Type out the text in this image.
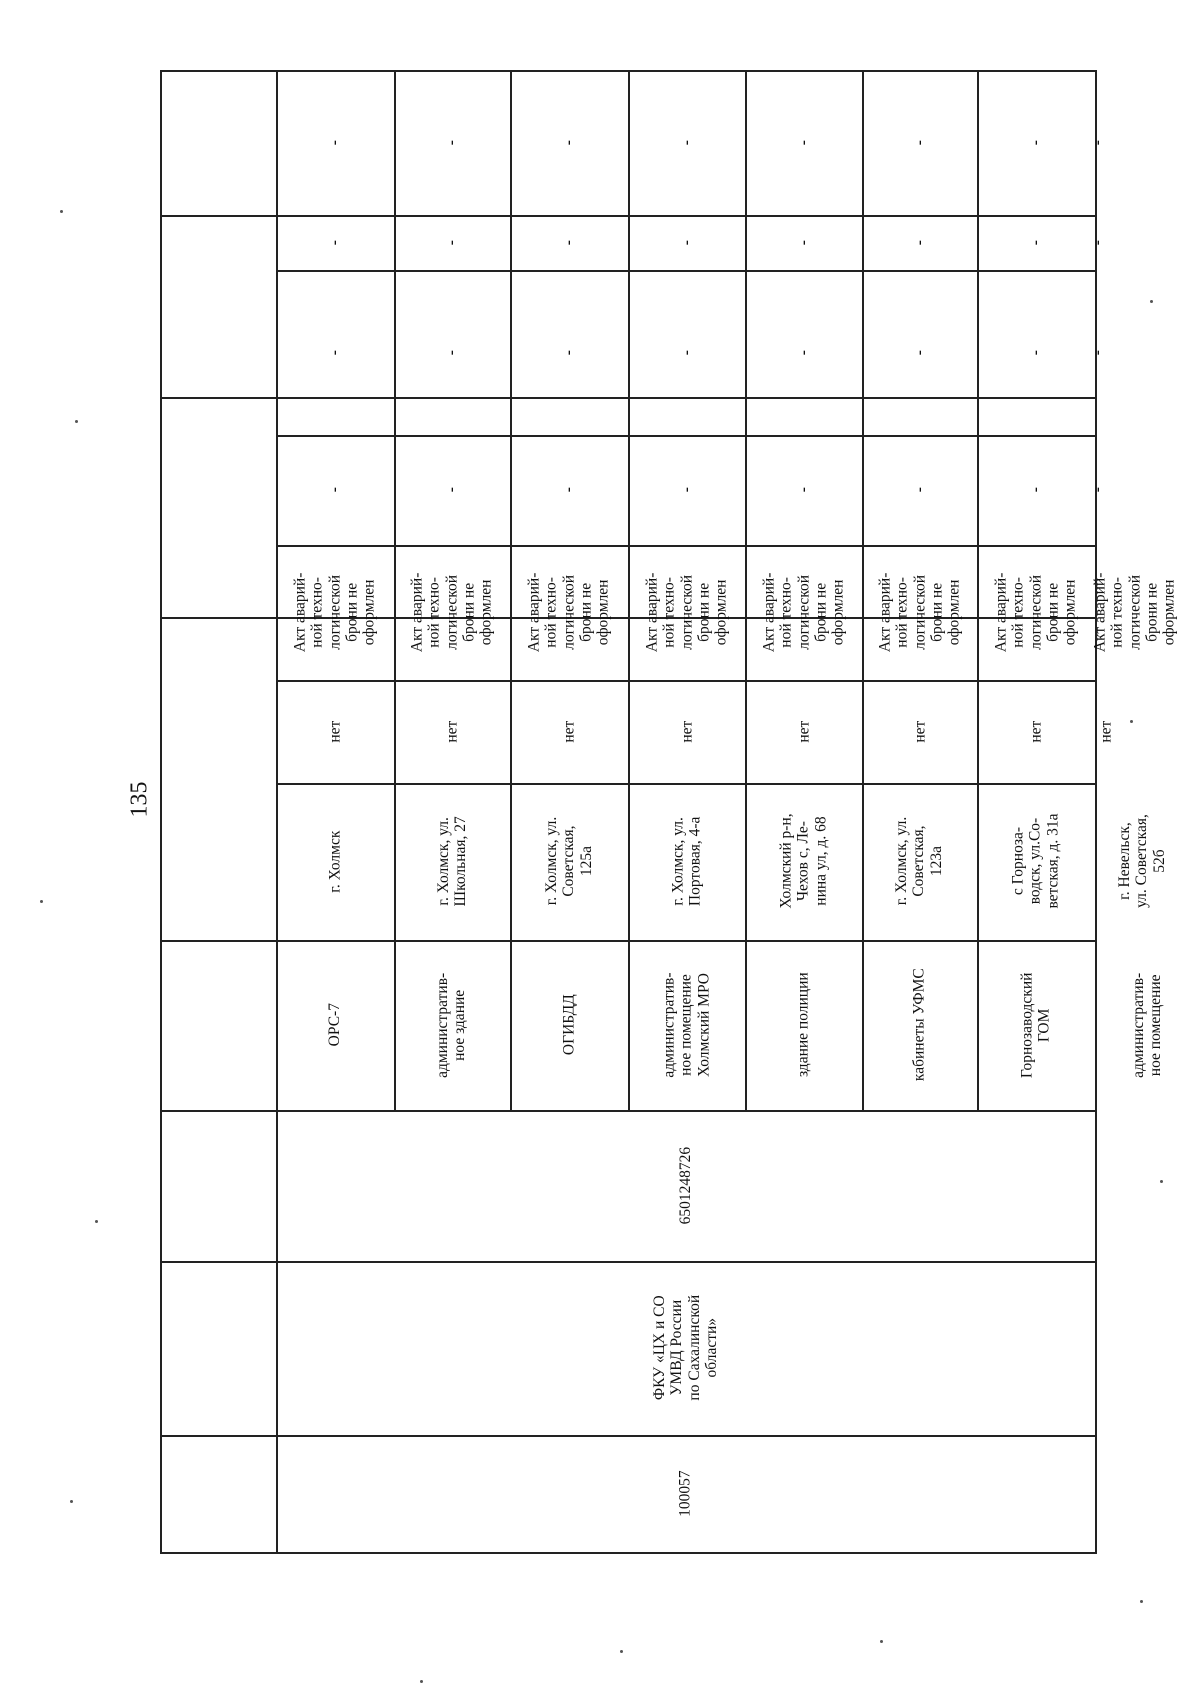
135
100057
ФКУ «ЦХ и СО
УМВД России
по Сахалинской
области»
6501248726
ОРС-7
г. Холмск
нет
Акт аварий-
ной техно-
логической
брони не
оформлен
-
-
-
-
административ-
ное здание
г. Холмск, ул.
Школьная, 27
нет
Акт аварий-
ной техно-
логической
брони не
оформлен
-
-
-
-
ОГИБДД
г. Холмск, ул.
Советская,
125а
нет
Акт аварий-
ной техно-
логической
брони не
оформлен
-
-
-
-
административ-
ное помещение
Холмский МРО
г. Холмск, ул.
Портовая, 4-а
нет
Акт аварий-
ной техно-
логической
брони не
оформлен
-
-
-
-
здание полиции
Холмский р-н,
Чехов с, Ле-
нина ул, д. 68
нет
Акт аварий-
ной техно-
логической
брони не
оформлен
-
-
-
-
кабинеты УФМС
г. Холмск, ул.
Советская,
123а
нет
Акт аварий-
ной техно-
логической
брони не
оформлен
-
-
-
-
Горнозаводский
ГОМ
с Горноза-
водск, ул.Со-
ветская, д. 31а
нет
Акт аварий-
ной техно-
логической
брони не
оформлен
-
-
-
-
административ-
ное помещение
г. Невельск,
ул. Советская,
52б
нет
Акт аварий-
ной техно-
логической
брони не
оформлен
-
-
-
-
